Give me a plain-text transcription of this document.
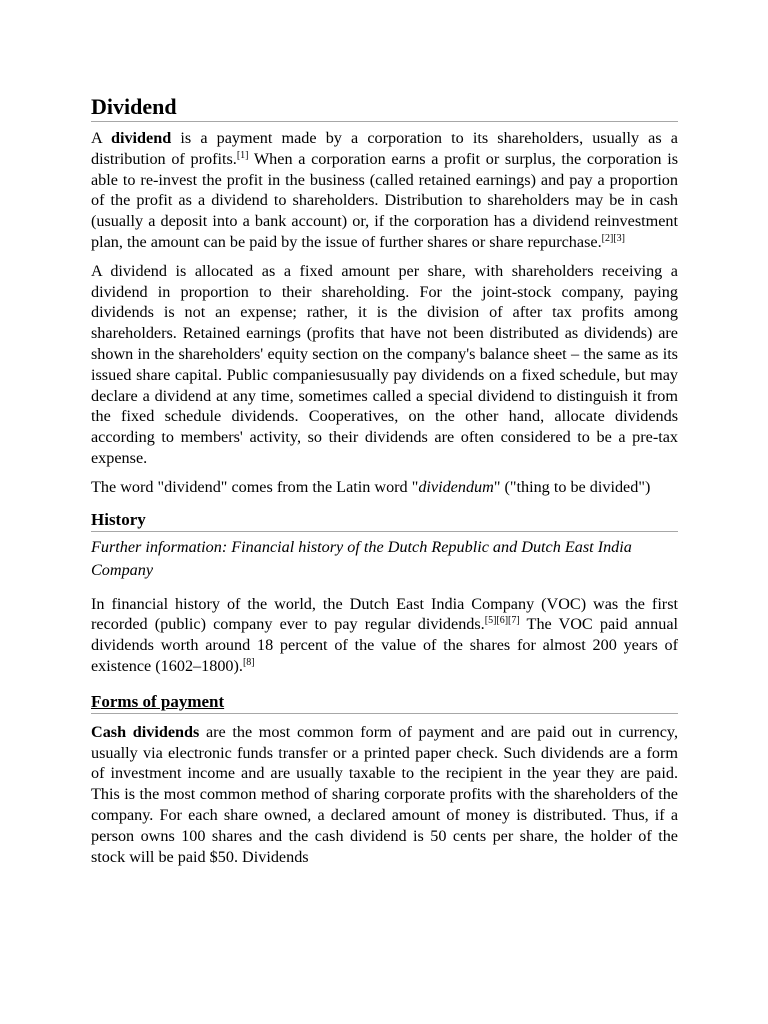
Dividend

A dividend is a payment made by a corporation to its shareholders, usually as a distribution of profits.[1] When a corporation earns a profit or surplus, the corporation is able to re-invest the profit in the business (called retained earnings) and pay a proportion of the profit as a dividend to shareholders. Distribution to shareholders may be in cash (usually a deposit into a bank account) or, if the corporation has a dividend reinvestment plan, the amount can be paid by the issue of further shares or share repurchase.[2][3]

A dividend is allocated as a fixed amount per share, with shareholders receiving a dividend in proportion to their shareholding. For the joint-stock company, paying dividends is not an expense; rather, it is the division of after tax profits among shareholders. Retained earnings (profits that have not been distributed as dividends) are shown in the shareholders' equity section on the company's balance sheet – the same as its issued share capital. Public companiesusually pay dividends on a fixed schedule, but may declare a dividend at any time, sometimes called a special dividend to distinguish it from the fixed schedule dividends. Cooperatives, on the other hand, allocate dividends according to members' activity, so their dividends are often considered to be a pre-tax expense.

The word "dividend" comes from the Latin word "dividendum" ("thing to be divided")

History

Further information: Financial history of the Dutch Republic and Dutch East India Company

In financial history of the world, the Dutch East India Company (VOC) was the first recorded (public) company ever to pay regular dividends.[5][6][7] The VOC paid annual dividends worth around 18 percent of the value of the shares for almost 200 years of existence (1602–1800).[8]

Forms of payment

Cash dividends are the most common form of payment and are paid out in currency, usually via electronic funds transfer or a printed paper check. Such dividends are a form of investment income and are usually taxable to the recipient in the year they are paid. This is the most common method of sharing corporate profits with the shareholders of the company. For each share owned, a declared amount of money is distributed. Thus, if a person owns 100 shares and the cash dividend is 50 cents per share, the holder of the stock will be paid $50. Dividends
